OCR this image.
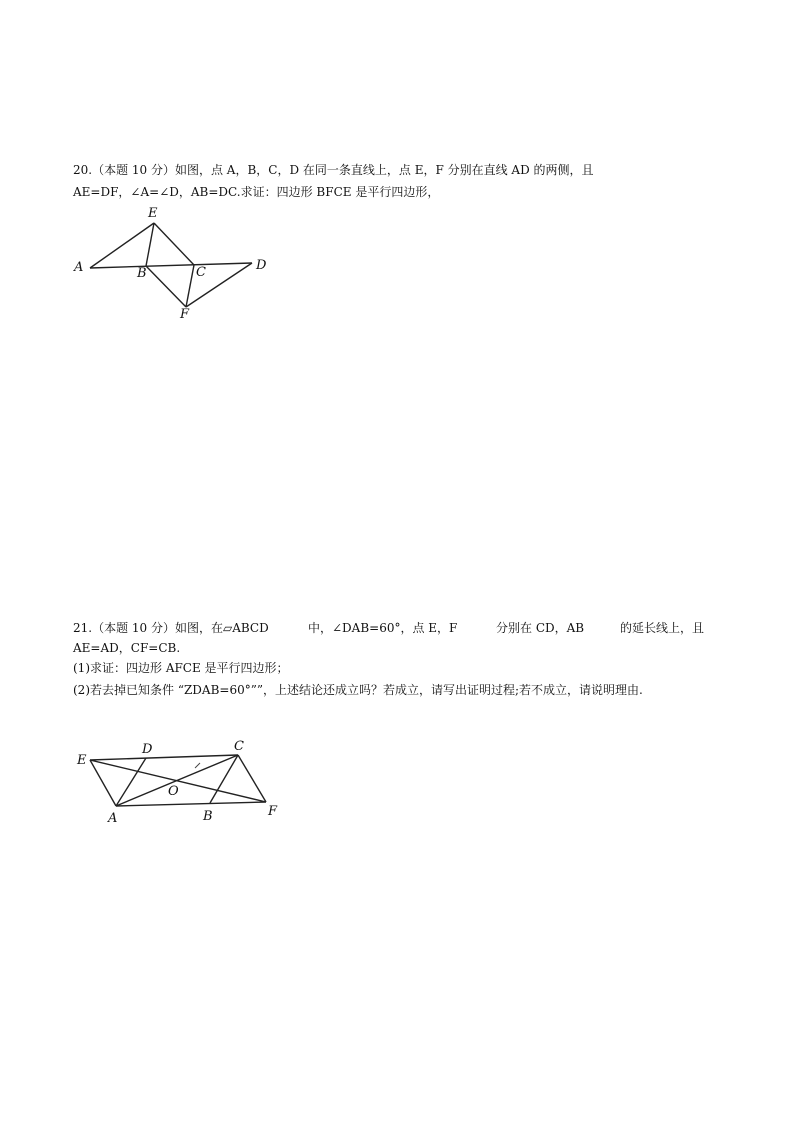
20.（本题 10 分）如图，点 A，B，C，D 在同一条直线上，点 E，F 分别在直线 AD 的两侧，且
AE=DF，∠A=∠D，AB=DC.求证：四边形 BFCE 是平行四边形，
E
A	B	C	D
F
21.（本题 10 分）如图，在▱ABCD	中，∠DAB=60°，点 E，F	分别在 CD，AB	的延长线上，且
AE=AD，CF=CB.
(1)求证：四边形 AFCE 是平行四边形；
(2)若去掉已知条件 “ZDAB=60°””，上述结论还成立吗？若成立，请写出证明过程;若不成立，请说明理由.
E
D	C
O
A	B	F
